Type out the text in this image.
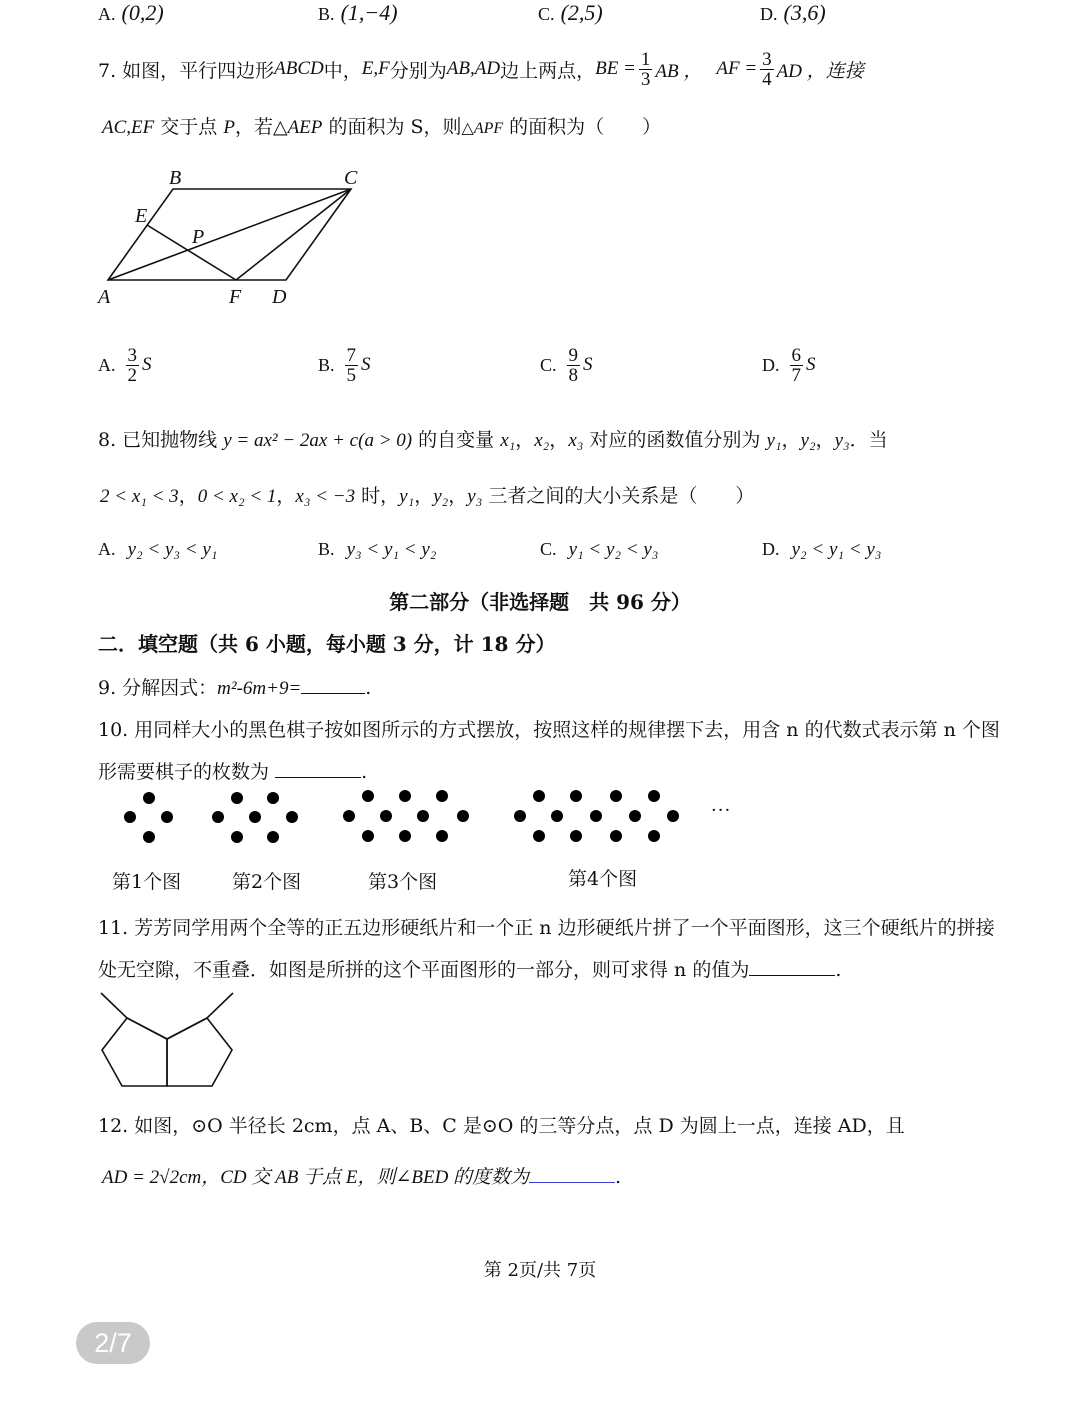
A. (0,2)	B. (1,−4)	C. (2,5)	D. (3,6)
7. 如图，平行四边形 ABCD 中， E,F 分别为 AB,AD 边上两点， BE = $\frac{1}{3}$ AB ， AF = $\frac{3}{4}$ AD ，连接
AC,EF 交于点 P，若△AEP 的面积为 S，则△APF 的面积为（　　）
A
B	C
D
E
F
P
A. $\frac{3}{2}$ S	B. $\frac{7}{5}$ S	C. $\frac{9}{8}$ S	D. $\frac{6}{7}$ S
8. 已知抛物线 y = ax² − 2ax + c(a > 0) 的自变量 x₁，x₂，x₃ 对应的函数值分别为 y₁，y₂，y₃．当
2 < x₁ < 3，0 < x₂ < 1，x₃ < −3 时，y₁，y₂，y₃ 三者之间的大小关系是（　　）
A. y₂ < y₃ < y₁	B. y₃ < y₁ < y₂	C. y₁ < y₂ < y₃	D. y₂ < y₁ < y₃
第二部分（非选择题　共 96 分）
二．填空题（共 6 小题，每小题 3 分，计 18 分）
9. 分解因式：m²-6m+9=	.
10. 用同样大小的黑色棋子按如图所示的方式摆放，按照这样的规律摆下去，用含 n 的代数式表示第 n 个图
形需要棋子的枚数为	.
···
第1个图	第2个图	第3个图	第4个图
11. 芳芳同学用两个全等的正五边形硬纸片和一个正 n 边形硬纸片拼了一个平面图形，这三个硬纸片的拼接
处无空隙，不重叠．如图是所拼的这个平面图形的一部分，则可求得 n 的值为	.
12. 如图，⊙O 半径长 2cm，点 A、B、C 是⊙O 的三等分点，点 D 为圆上一点，连接 AD，且
AD = 2√2cm，CD 交 AB 于点 E，则∠BED 的度数为	.
第 2页/共 7页
2/7
